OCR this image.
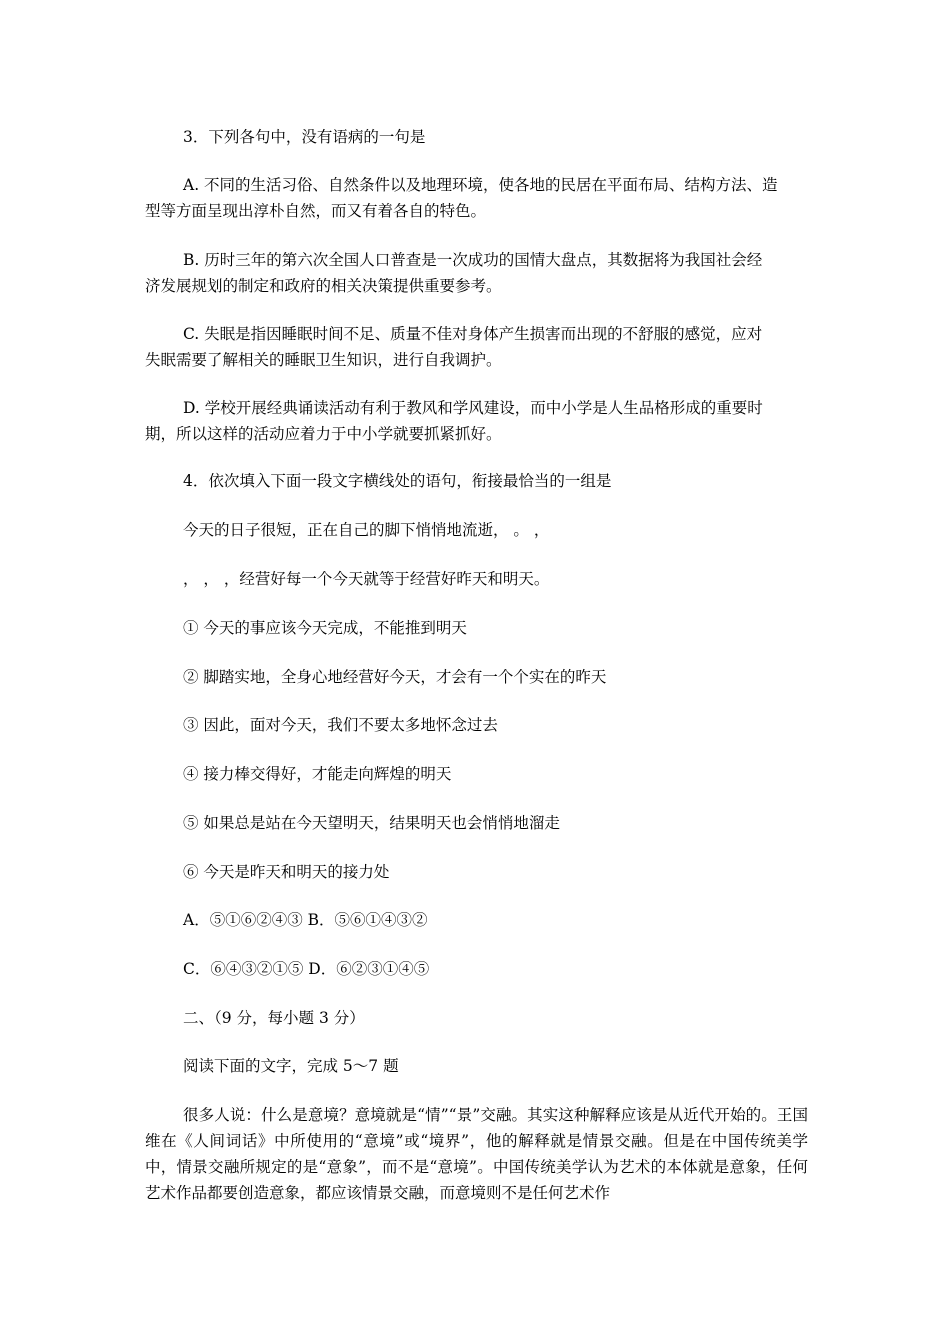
3．下列各句中，没有语病的一句是
A. 不同的生活习俗、自然条件以及地理环境，使各地的民居在平面布局、结构方法、造
型等方面呈现出淳朴自然，而又有着各自的特色。
B. 历时三年的第六次全国人口普查是一次成功的国情大盘点，其数据将为我国社会经
济发展规划的制定和政府的相关决策提供重要参考。
C. 失眠是指因睡眠时间不足、质量不佳对身体产生损害而出现的不舒服的感觉，应对
失眠需要了解相关的睡眠卫生知识，进行自我调护。
D. 学校开展经典诵读活动有利于教风和学风建设，而中小学是人生品格形成的重要时
期，所以这样的活动应着力于中小学就要抓紧抓好。
4．依次填入下面一段文字横线处的语句，衔接最恰当的一组是
今天的日子很短，正在自己的脚下悄悄地流逝， 。 ，
， ， ，经营好每一个今天就等于经营好昨天和明天。
① 今天的事应该今天完成，不能推到明天
② 脚踏实地，全身心地经营好今天，才会有一个个实在的昨天
③ 因此，面对今天，我们不要太多地怀念过去
④ 接力棒交得好，才能走向辉煌的明天
⑤ 如果总是站在今天望明天，结果明天也会悄悄地溜走
⑥ 今天是昨天和明天的接力处
A．⑤①⑥②④③ B．⑤⑥①④③②
C．⑥④③②①⑤ D．⑥②③①④⑤
二、（9 分，每小题 3 分）
阅读下面的文字，完成 5～7 题
很多人说：什么是意境？意境就是“情”“景”交融。其实这种解释应该是从近代开始的。王国维在《人间词话》中所使用的“意境”或“境界”，他的解释就是情景交融。但是在中国传统美学中，情景交融所规定的是“意象”，而不是“意境”。中国传统美学认为艺术的本体就是意象，任何艺术作品都要创造意象，都应该情景交融，而意境则不是任何艺术作
